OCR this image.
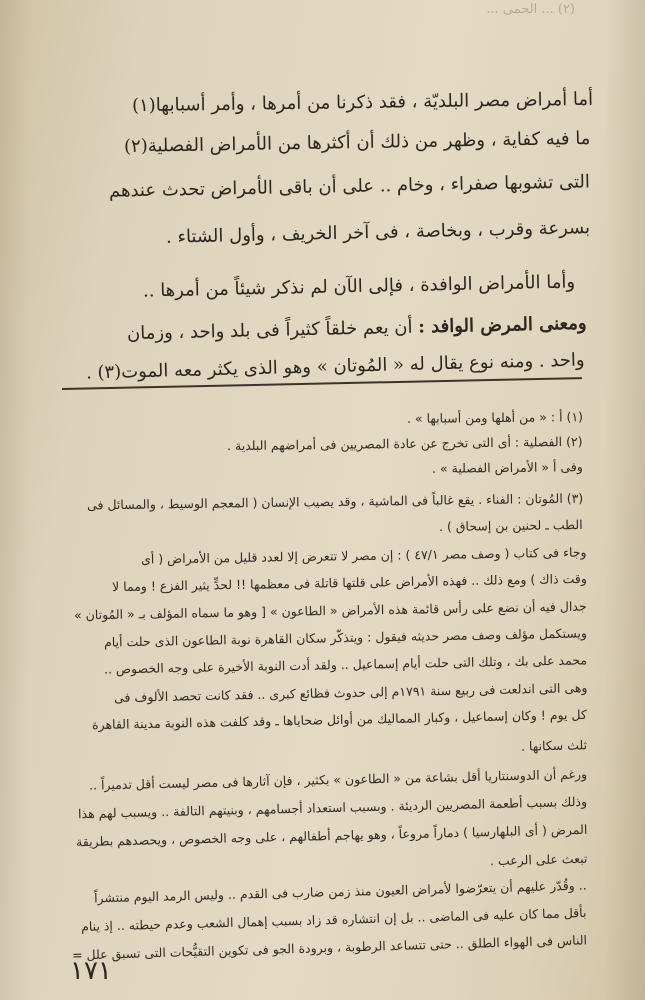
(٢) ... الحمى ...
أما أمراض مصر البلديّة ، فقد ذكرنا من أمرها ، وأمر أسبابها(١)
ما فيه كفاية ، وظهر من ذلك أن أكثرها من الأمراض الفصلية(٢)
التى تشوبها صفراء ، وخام .. على أن باقى الأمراض تحدث عندهم
بسرعة وقرب ، وبخاصة ، فى آخر الخريف ، وأول الشتاء .
وأما الأمراض الوافدة ، فإلى الآن لم نذكر شيئاً من أمرها ..
ومعنى المرض الوافد : أن يعم خلقاً كثيراً فى بلد واحد ، وزمان
واحد . ومنه نوع يقال له « المُوتان » وهو الذى يكثر معه الموت(٣) .
(١) أ : « من أهلها ومن أسبابها » .
(٢) الفصلية : أى التى تخرج عن عادة المصريين فى أمراضهم البلدية .
وفى أ « الأمراض الفصلية » .
(٣) المُوتان : الفناء . يقع غالباً فى الماشية ، وقد يصيب الإنسان ( المعجم الوسيط ، والمسائل فى
الطب ـ لحنين بن إسحاق ) .
وجاء فى كتاب ( وصف مصر ٤٧/١ ) : إن مصر لا تتعرض إلا لعدد قليل من الأمراض ( أى
وقت ذاك ) ومع ذلك .. فهذه الأمراض على قلتها قاتلة فى معظمها !! لحدٍّ يثير الفزع ! ومما لا
جدال فيه أن نضع على رأس قائمة هذه الأمراض « الطاعون » [ وهو ما سماه المؤلف بـ « المُوتان »
ويستكمل مؤلف وصف مصر حديثه فيقول : ويتذكّر سكان القاهرة نوبة الطاعون الذى حلت أيام
محمد على بك ، وتلك التى حلت أيام إسماعيل .. ولقد أدت النوبة الأخيرة على وجه الخصوص ..
وهى التى اندلعت فى ربيع سنة ١٧٩١م إلى حدوث فظائع كبرى .. فقد كانت تحصد الألوف فى
كل يوم ! وكان إسماعيل ، وكبار المماليك من أوائل ضحاياها ـ وقد كلفت هذه النوبة مدينة القاهرة
ثلث سكانها .
ورغم أن الدوسنتاريا أقل بشاعة من « الطاعون » بكثير ، فإن آثارها فى مصر ليست أقل تدميراً ..
وذلك بسبب أطعمة المصريين الرديئة . وبسبب استعداد أجسامهم ، وبنيتهم التالفة .. ويسبب لهم هذا
المرض ( أى البلهارسيا ) دماراً مروعاً ، وهو يهاجم أطفالهم ، على وجه الخصوص ، ويحصدهم بطريقة
تبعث على الرعب .
.. وقُدّر عليهم أن يتعرّضوا لأمراض العيون منذ زمن ضارب فى القدم .. وليس الرمد اليوم منتشراً
بأقل مما كان عليه فى الماضى .. بل إن انتشاره قد زاد بسبب إهمال الشعب وعدم حيطته .. إذ ينام
الناس فى الهواء الطلق .. حتى تتساعد الرطوبة ، وبرودة الجو فى تكوين التقيُّحات التى تسبق علل =
١٧١
